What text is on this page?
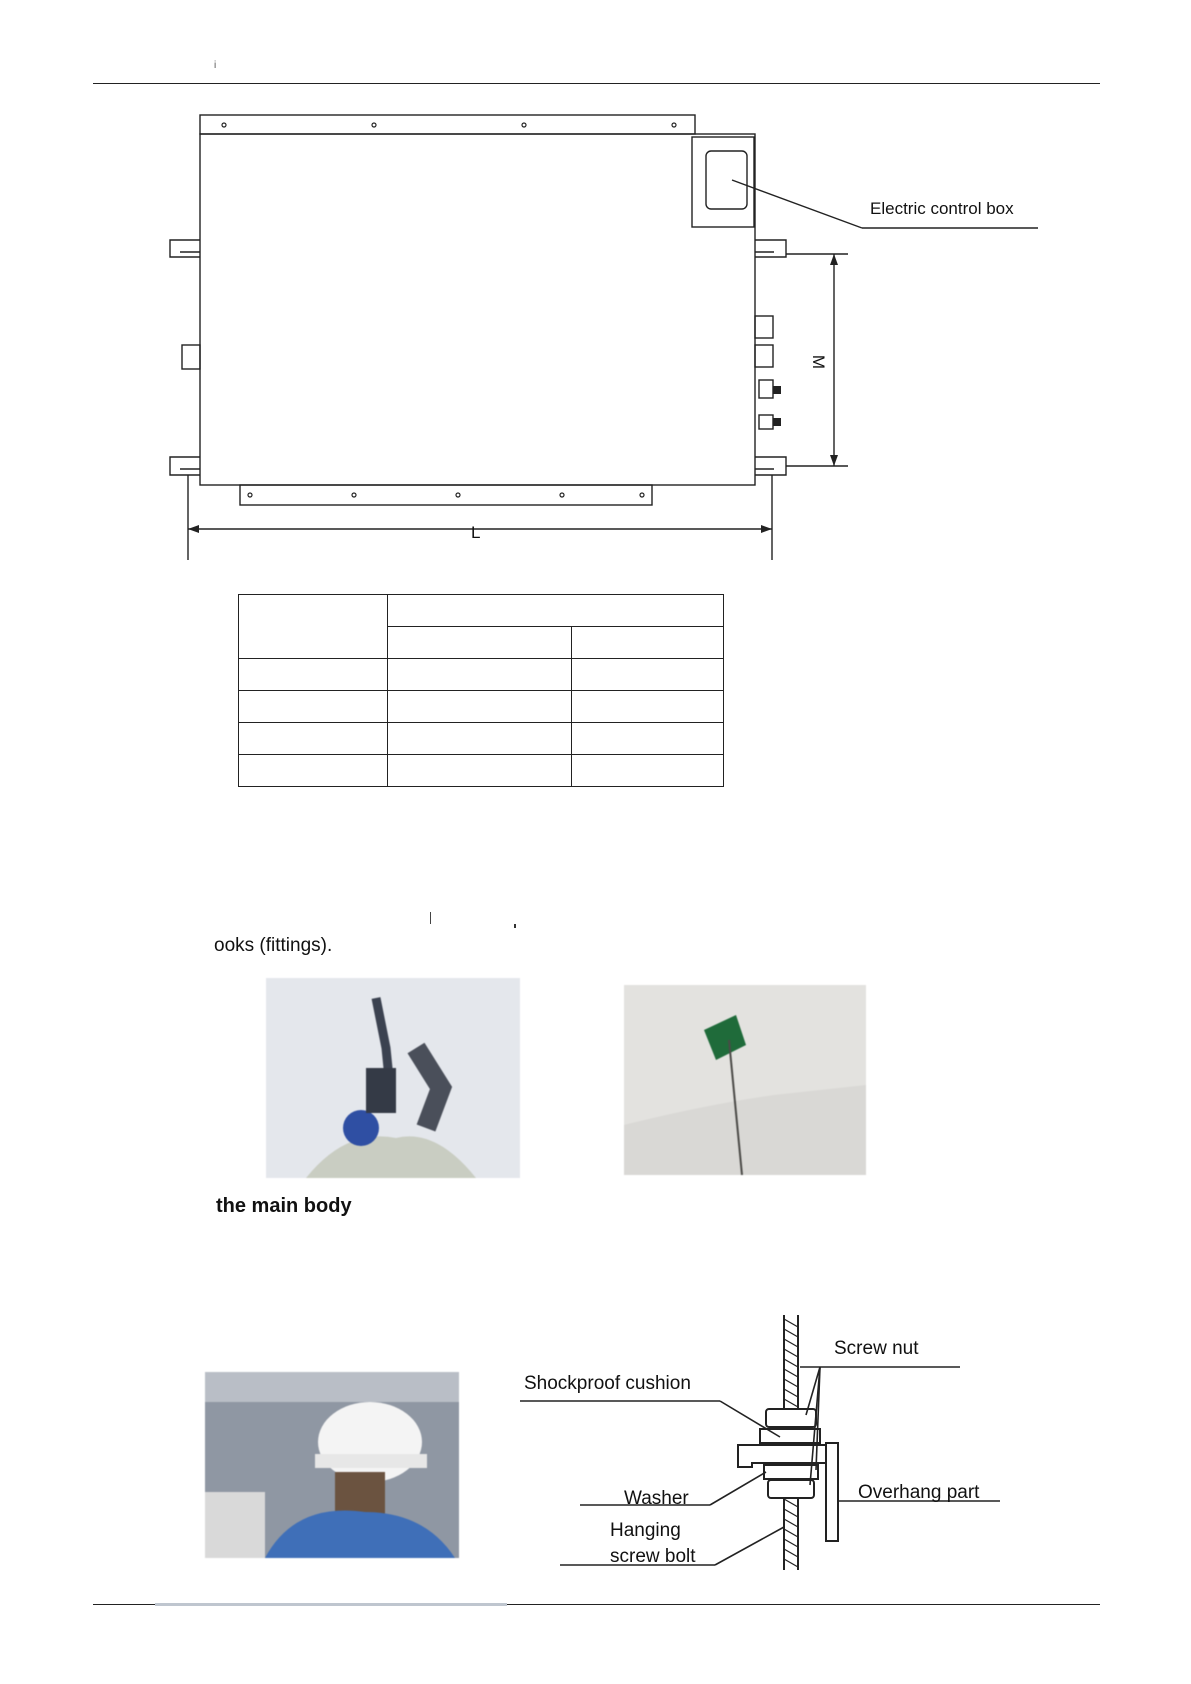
i
Electric control box
M
L

ooks (fittings).
the main body
Screw nut
Shockproof cushion
Washer	Overhang part
Hanging
screw bolt
